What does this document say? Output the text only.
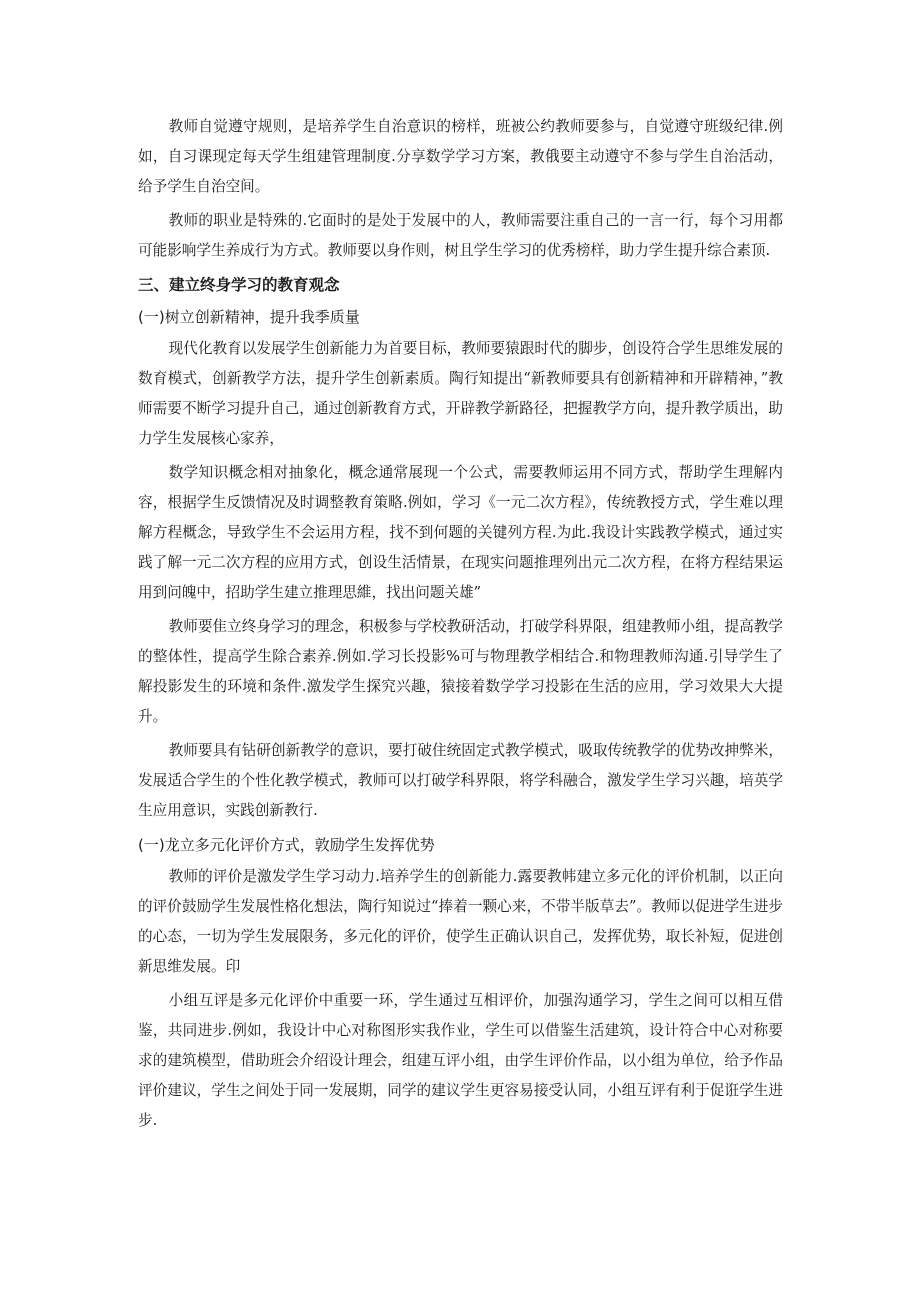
教师自觉遵守规则，是培养学生自治意识的榜样，班被公约教师要参与，自觉遵守班级纪律.例如，自习课现定每天学生组建管理制度.分享数学学习方案，教俄要主动遵守不参与学生自治活动，给予学生自治空间。

教师的职业是特殊的.它面时的是处于发展中的人，教师需要注重自己的一言一行，每个习用都可能影响学生养成行为方式。教师要以身作则，树且学生学习的优秀榜样，助力学生提升综合素顶.

三、建立终身学习的教育观念
(一)树立创新精神，提升我季质量

现代化教育以发展学生创新能力为首要目标，教师要猿跟时代的脚步，创设符合学生思维发展的数育模式，创新教学方法，提升学生创新素质。陶行知提出“新教师要具有创新精神和开辟精神，”教师需要不断学习提升自己，通过创新教育方式，开辟教学新路径，把握教学方向，提升教学质出，助力学生发展核心家养，

数学知识概念相对抽象化，概念通常展现一个公式，需要教师运用不同方式，帮助学生理解内容，根据学生反馈情况及时调整教育策略.例如，学习《一元二次方程》，传统教授方式，学生难以理解方程概念，导致学生不会运用方程，找不到何题的关键列方程.为此.我设计实践教学模式，通过实践了解一元二次方程的应用方式，创设生活情景，在现实问题推理列出元二次方程，在将方程结果运用到问魄中，招助学生建立推理思維，找出问题关雄”

教师要隹立终身学习的理念，积极参与学校教研活动，打破学科界限，组建教师小组，提高教学的整体性，提高学生除合素养.例如.学习长投影%可与物理教学相结合.和物理教师沟通.引导学生了解投影发生的环境和条件.激发学生探究兴趣，猿接着数学学习投影在生活的应用，学习效果大大提升。

教师要具有钻研创新教学的意识，要打破住统固定式教学模式，吸取传统教学的优势改抻弊米，发展适合学生的个性化教学模式，教师可以打破学科界限，将学科融合，激发学生学习兴趣，培英学生应用意识，实践创新教行.

(一)龙立多元化评价方式，敦励学生发挥优势

教师的评价是激发学生学习动力.培养学生的创新能力.露要教帏建立多元化的评价机制，以正向的评价鼓励学生发展性格化想法，陶行知说过“捧着一颗心来，不带半版草去”。教师以促进学生进步的心态，一切为学生发展限务，多元化的评价，使学生正确认识自己，发挥优势，取长补短，促进创新思维发展。印

小组互评是多元化评价中重要一环，学生通过互相评价，加强沟通学习，学生之间可以相互借鉴，共同进步.例如，我设计中心对称图形实我作业，学生可以借鉴生活建筑，设计符合中心对称要求的建筑模型，借助班会介绍设计理会，组建互评小组，由学生评价作品，以小组为单位，给予作品评价建议，学生之间处于同一发展期，同学的建议学生更容易接受认同，小组互评有利于促诳学生进步.
